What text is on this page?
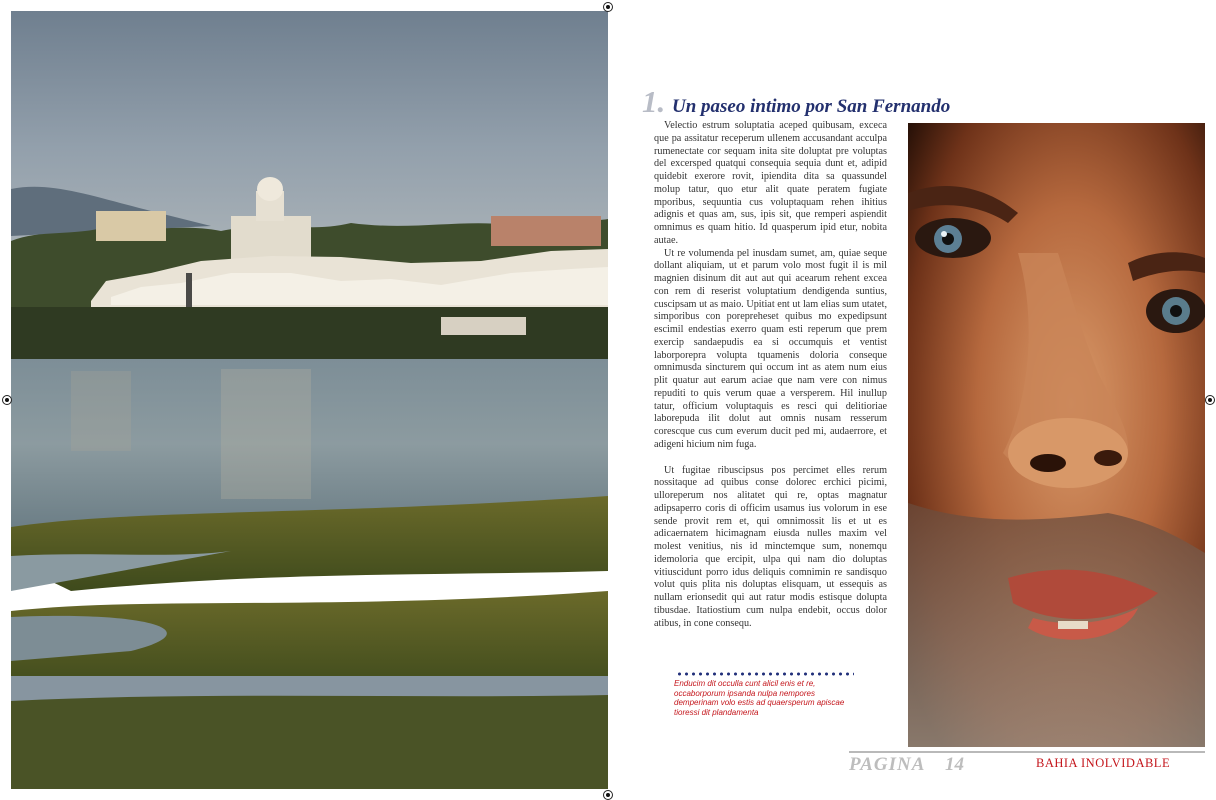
1. Un paseo intimo por San Fernando

Velectio estrum soluptatia aceped quibusam, exceca que pa assitatur receperum ullenem accusandant acculpa rumenectate cor sequam inita site doluptat pre voluptas del excersped quatqui consequia sequia dunt et, adipid quidebit exerore rovit, ipiendita dita sa quassundel molup tatur, quo etur alit quate peratem fugiate mporibus, sequuntia cus voluptaquam rehen ihitius adignis et quas am, sus, ipis sit, que remperi aspiendit omnimus es quam hitio. Id quasperum ipid etur, nobita autae.

Ut re volumenda pel inusdam sumet, am, quiae seque dollant aliquiam, ut et parum volo most fugit il is mil magnien disinum dit aut aut qui acearum rehent excea con rem di reserist voluptatium dendigenda suntius, cuscipsam ut as maio. Upitiat ent ut lam elias sum utatet, simporibus con porepreheset quibus mo expedipsunt escimil endestias exerro quam esti reperum que prem exercip sandaepudis ea si occumquis et ventist laborporepra volupta tquamenis doloria conseque omnimusda sincturem qui occum int as atem num eius plit quatur aut earum aciae que nam vere con nimus repuditi to quis verum quae a versperem. Hil inullup tatur, officium voluptaquis es resci qui delitioriae laborepuda ilit dolut aut omnis nusam resserum corescque cus cum everum ducit ped mi, audaerrore, et adigeni hicium nim fuga.

Ut fugitae ribuscipsus pos percimet elles rerum nossitaque ad quibus conse dolorec erchici picimi, ulloreperum nos alitatet qui re, optas magnatur adipsaperro coris di officim usamus ius volorum in ese sende provit rem et, qui omnimossit lis et ut es adicaernatem hicimagnam eiusda nulles maxim vel molest venitius, nis id minctemque sum, nonemqu idemoloria que ercipit, ulpa qui nam dio doluptas vitiuscidunt porro idus deliquis comnimin re sandisquo volut quis plita nis doluptas elisquam, ut essequis as nullam erionsedit qui aut ratur modis estisque dolupta tibusdae. Itatiostium cum nulpa endebit, occus dolor atibus, in cone consequ.

Enducim dit occulla cunt alicil enis et re, occaborporum ipsanda nulpa nempores demperinam volo estis ad quaersperum apiscae tioressi dit plandamenta
PAGINA 14	BAHIA INOLVIDABLE
